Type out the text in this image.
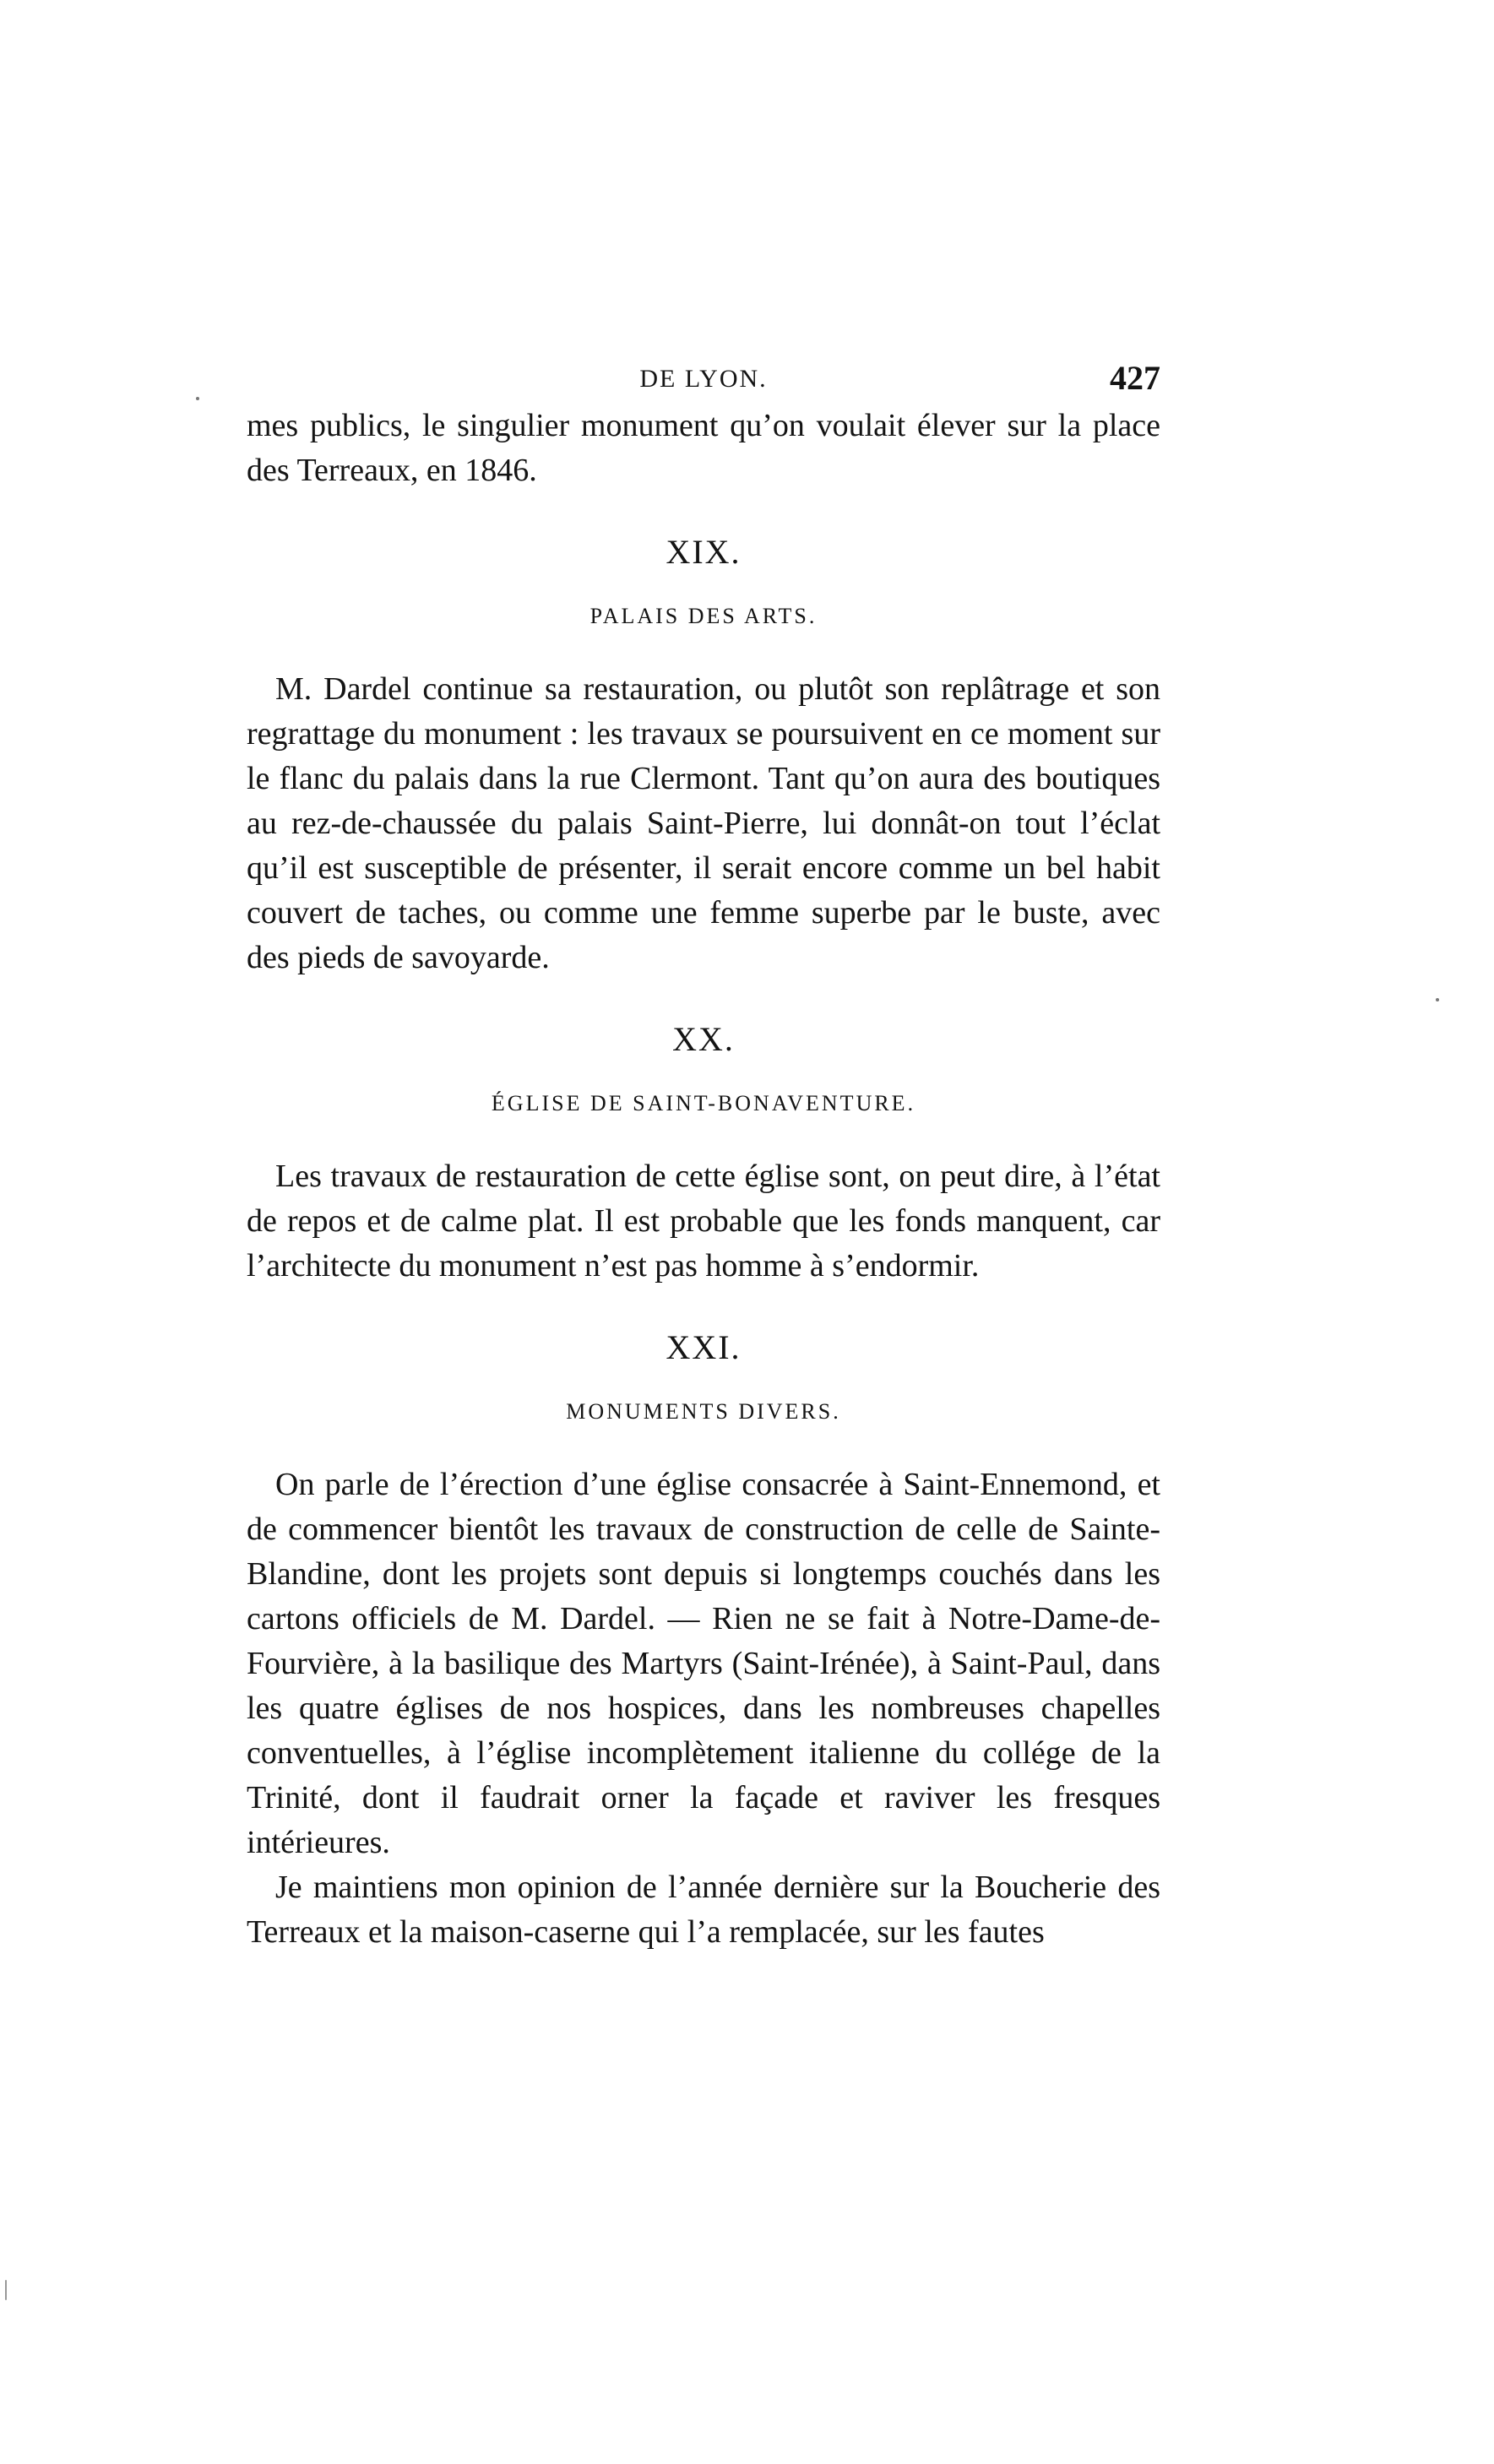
DE LYON.	427

mes publics, le singulier monument qu’on voulait élever sur la place des Terreaux, en 1846.

XIX.
PALAIS DES ARTS.

M. Dardel continue sa restauration, ou plutôt son replâtrage et son regrattage du monument : les travaux se poursuivent en ce moment sur le flanc du palais dans la rue Clermont. Tant qu’on aura des boutiques au rez-de-chaussée du palais Saint-Pierre, lui donnât-on tout l’éclat qu’il est susceptible de présenter, il serait encore comme un bel habit couvert de taches, ou comme une femme superbe par le buste, avec des pieds de savoyarde.

XX.
ÉGLISE DE SAINT-BONAVENTURE.

Les travaux de restauration de cette église sont, on peut dire, à l’état de repos et de calme plat. Il est probable que les fonds manquent, car l’architecte du monument n’est pas homme à s’endormir.

XXI.
MONUMENTS DIVERS.

On parle de l’érection d’une église consacrée à Saint-Ennemond, et de commencer bientôt les travaux de construction de celle de Sainte-Blandine, dont les projets sont depuis si longtemps couchés dans les cartons officiels de M. Dardel. — Rien ne se fait à Notre-Dame-de-Fourvière, à la basilique des Martyrs (Saint-Irénée), à Saint-Paul, dans les quatre églises de nos hospices, dans les nombreuses chapelles conventuelles, à l’église incomplètement italienne du collége de la Trinité, dont il faudrait orner la façade et raviver les fresques intérieures.

Je maintiens mon opinion de l’année dernière sur la Boucherie des Terreaux et la maison-caserne qui l’a remplacée, sur les fautes
